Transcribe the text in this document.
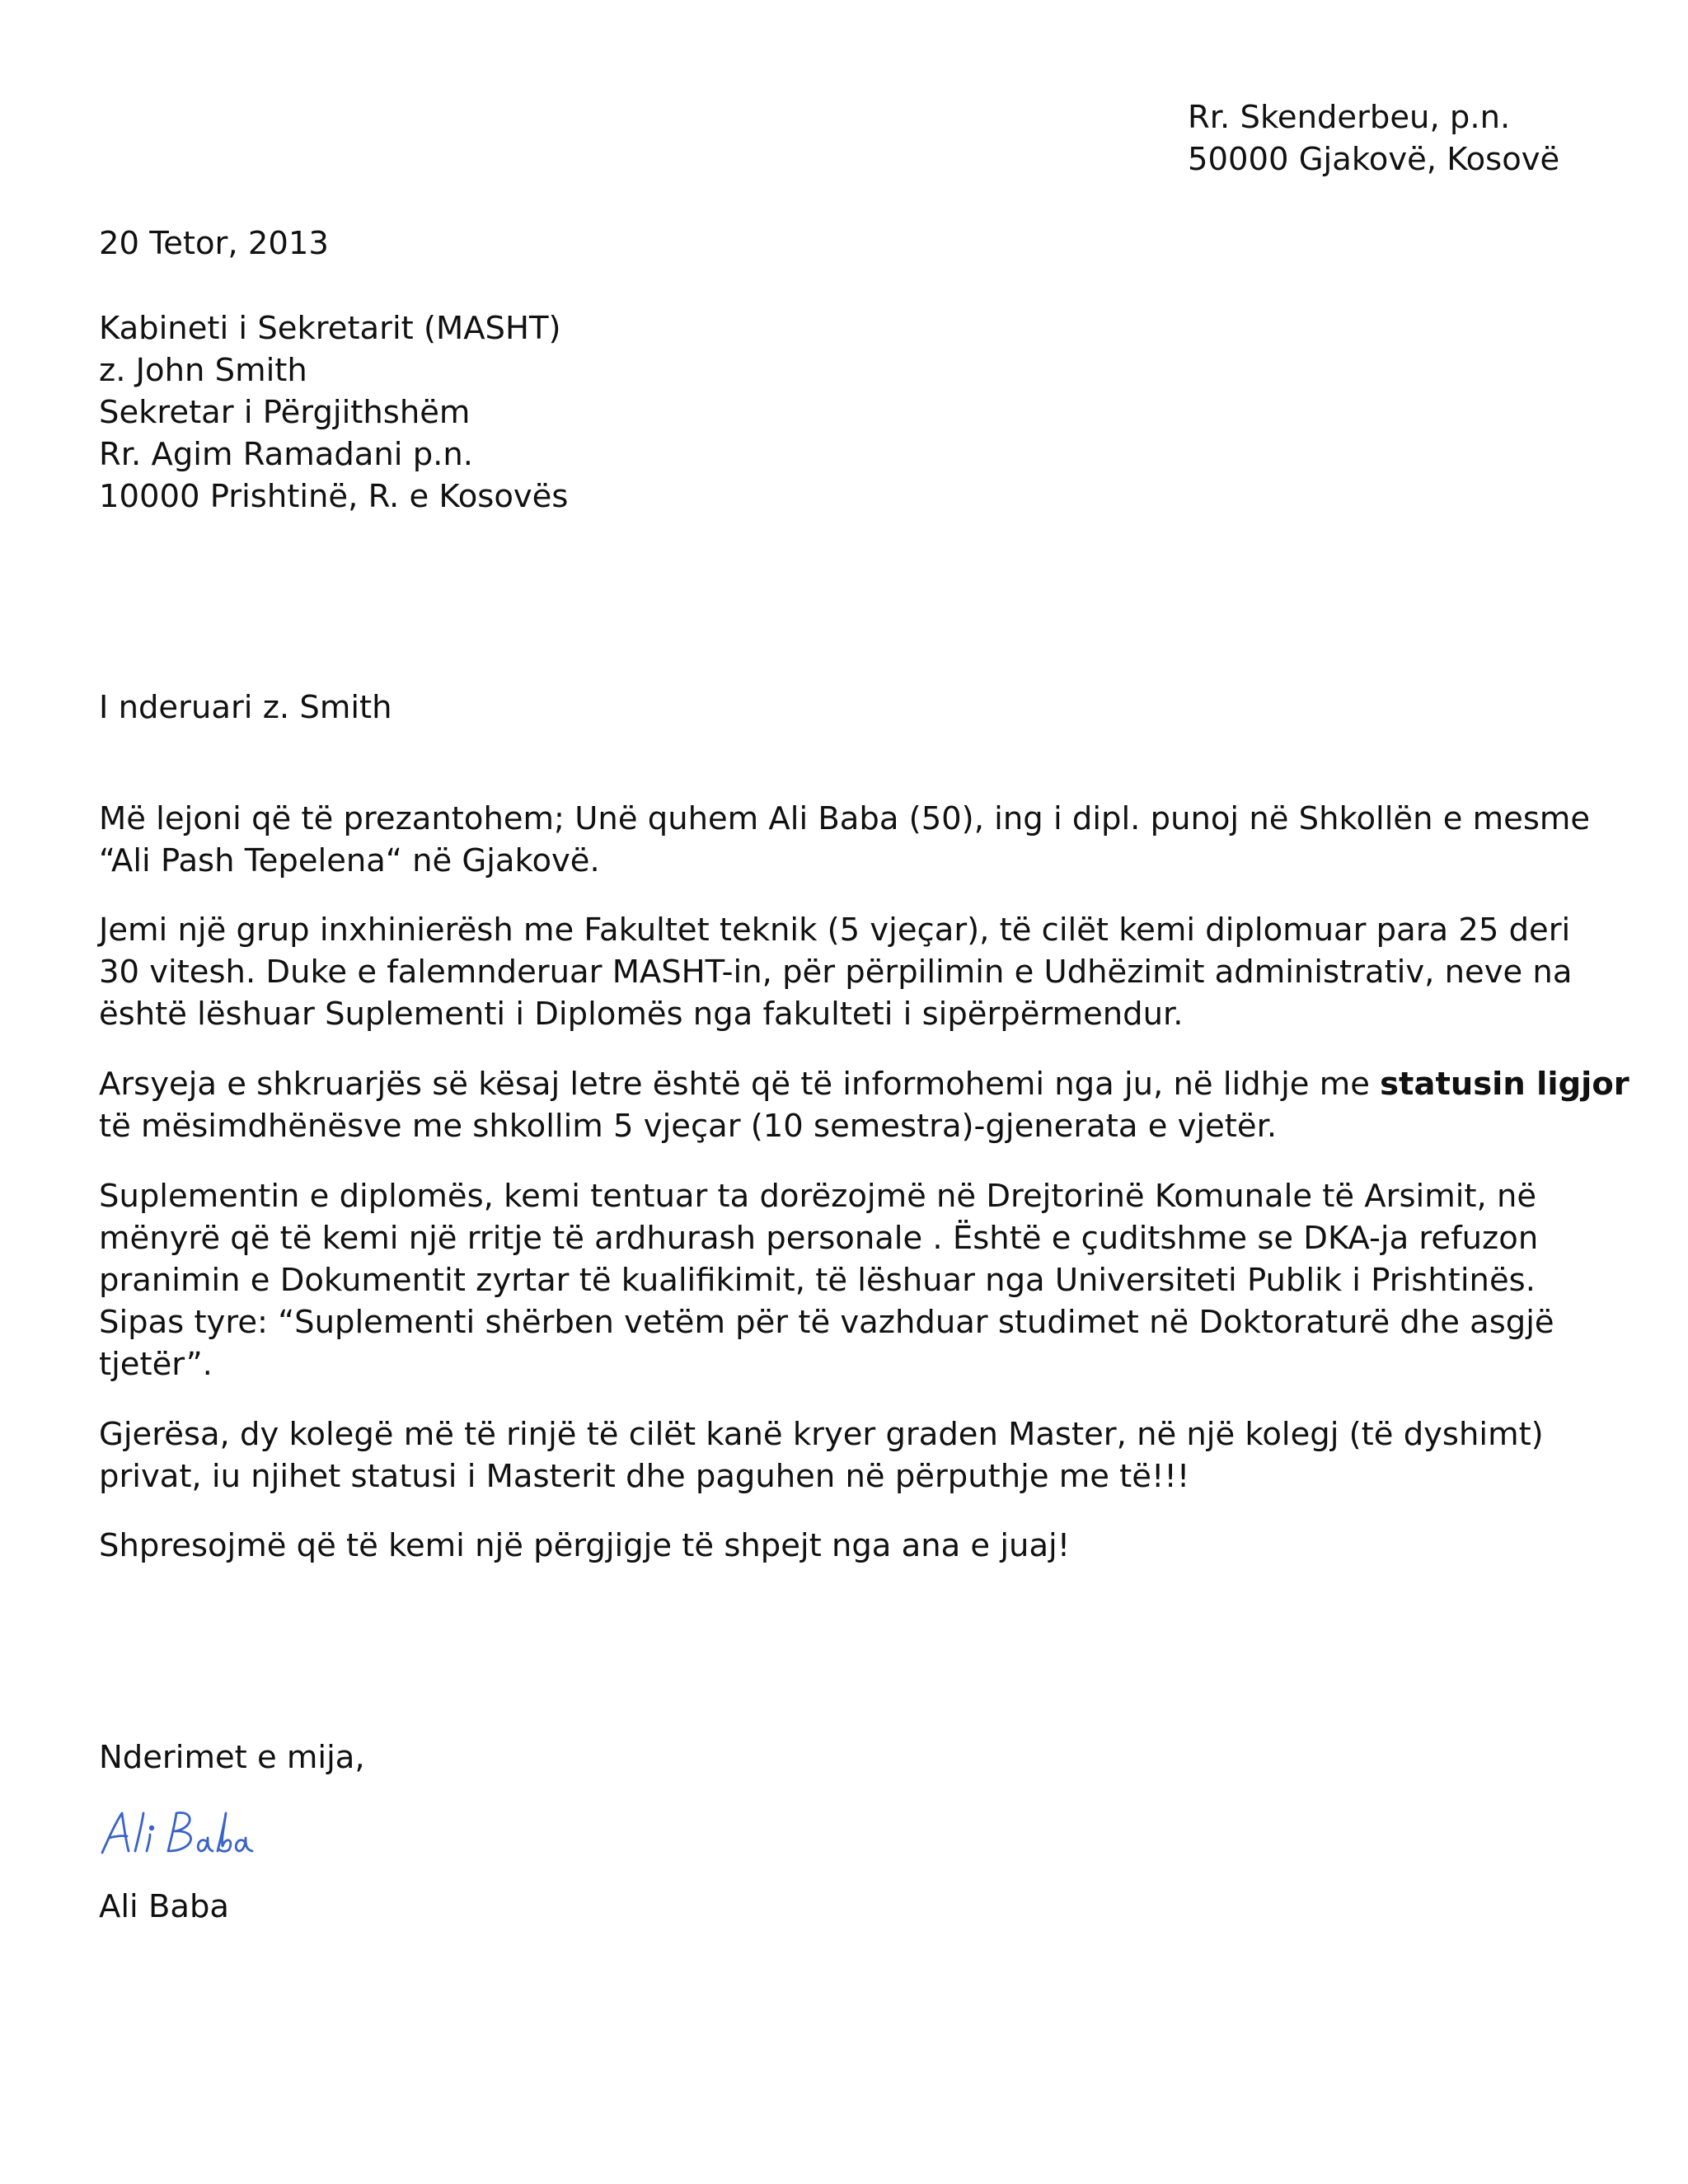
Rr. Skenderbeu, p.n.
50000 Gjakovë, Kosovë
20 Tetor, 2013
Kabineti i Sekretarit (MASHT)
z. John Smith
Sekretar i Përgjithshëm
Rr. Agim Ramadani p.n.
10000 Prishtinë, R. e Kosovës
I nderuari z. Smith
Më lejoni që të prezantohem; Unë quhem Ali Baba (50), ing i dipl. punoj në Shkollën e mesme
“Ali Pash Tepelena“ në Gjakovë.
Jemi një grup inxhinierësh me Fakultet teknik (5 vjeçar), të cilët kemi diplomuar para 25 deri
30 vitesh. Duke e falemnderuar MASHT-in, për përpilimin e Udhëzimit administrativ, neve na
është lëshuar Suplementi i Diplomës nga fakulteti i sipërpërmendur.
Arsyeja e shkruarjës së kësaj letre është që të informohemi nga ju, në lidhje me statusin ligjor
të mësimdhënësve me shkollim 5 vjeçar (10 semestra)-gjenerata e vjetër.
Suplementin e diplomës, kemi tentuar ta dorëzojmë në Drejtorinë Komunale të Arsimit, në
mënyrë që të kemi një rritje të ardhurash personale . Është e çuditshme se DKA-ja refuzon
pranimin e Dokumentit zyrtar të kualifikimit, të lëshuar nga Universiteti Publik i Prishtinës.
Sipas tyre: “Suplementi shërben vetëm për të vazhduar studimet në Doktoraturë dhe asgjë
tjetër”.
Gjerësa, dy kolegë më të rinjë të cilët kanë kryer graden Master, në një kolegj (të dyshimt)
privat, iu njihet statusi i Masterit dhe paguhen në përputhje me të!!!
Shpresojmë që të kemi një përgjigje të shpejt nga ana e juaj!
Nderimet e mija,
Ali Baba
